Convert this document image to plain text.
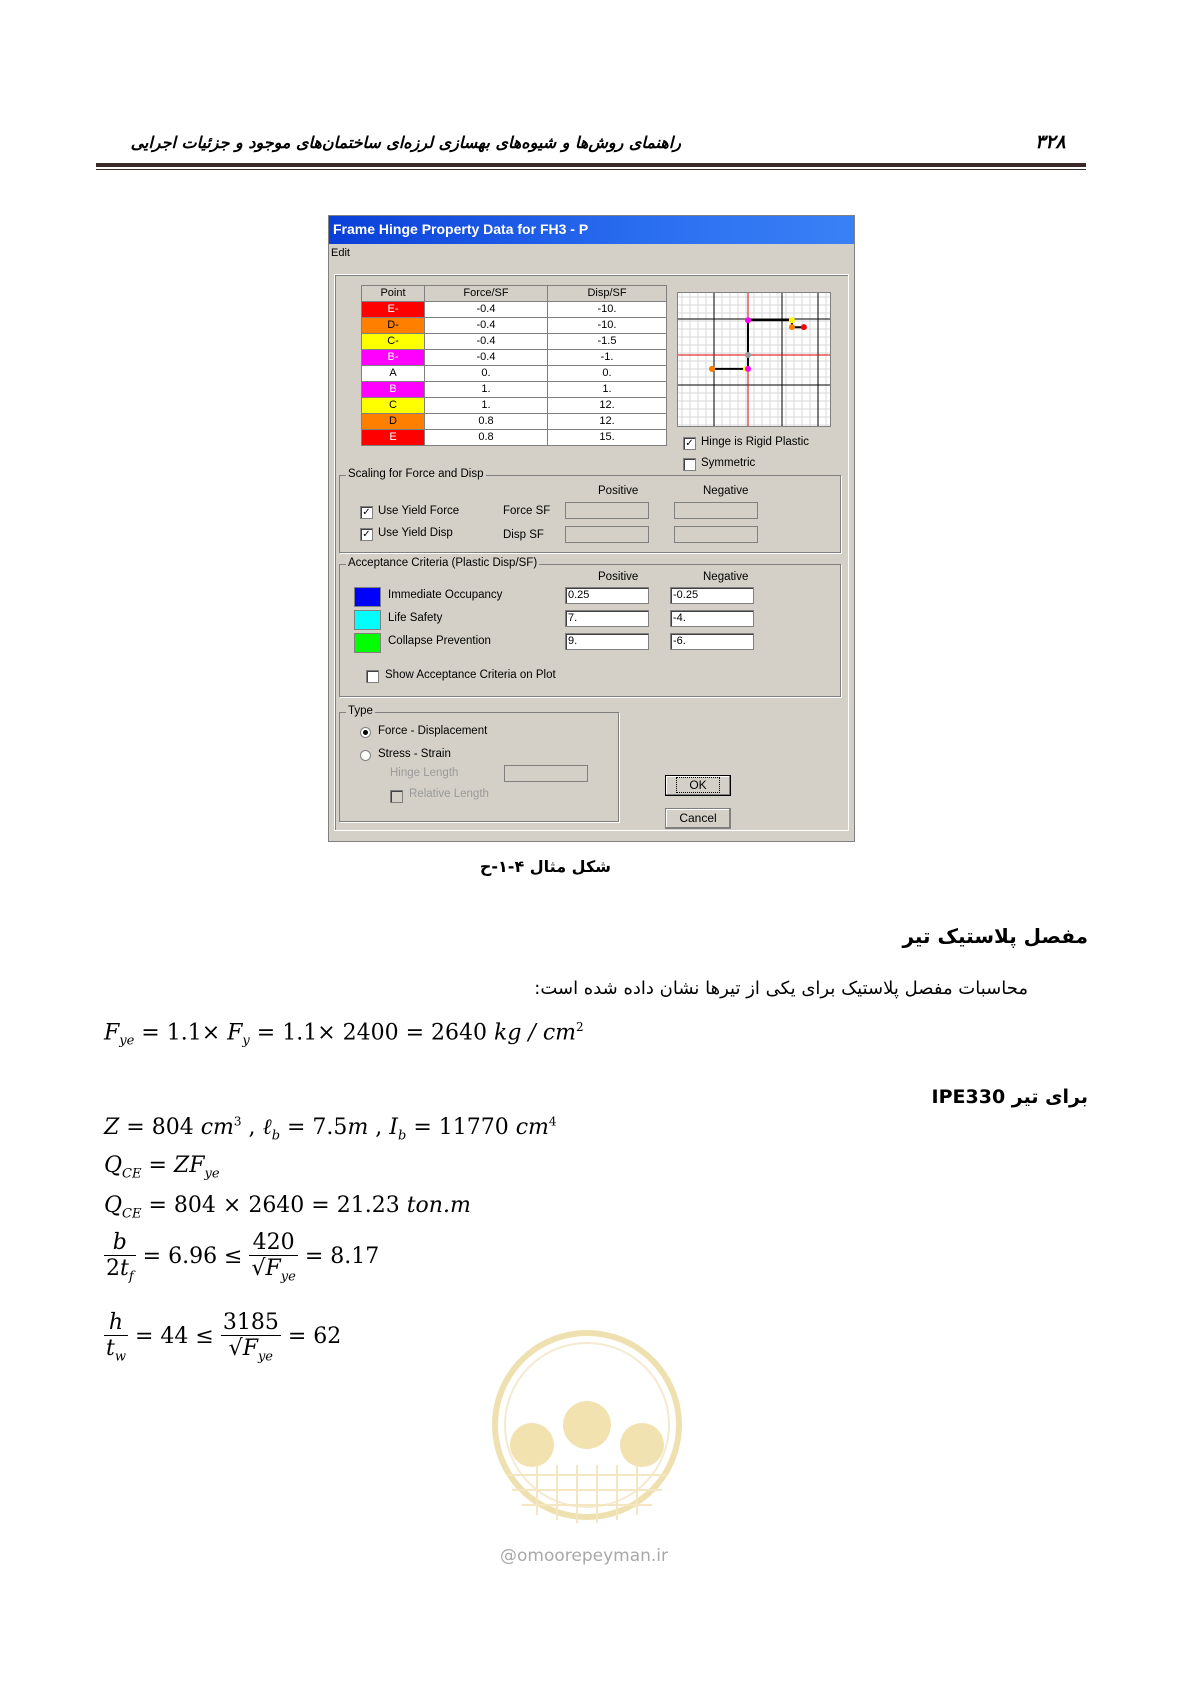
۳۲۸
راهنمای روش‌ها و شیوه‌های بهسازی لرزه‌ای ساختمان‌های موجود و جزئیات اجرایی
Frame Hinge Property Data for FH3 - P
Edit
Point	Force/SF	Disp/SF
E-	-0.4	-10.
D-	-0.4	-10.
C-	-0.4	-1.5
B-	-0.4	-1.
A	0.	0.
B	1.	1.
C	1.	12.
D	0.8	12.
E	0.8	15.
✓ Hinge is Rigid Plastic
Symmetric
Scaling for Force and Disp
Positive	Negative
✓ Use Yield Force	Force SF
✓ Use Yield Disp	Disp SF
Acceptance Criteria (Plastic Disp/SF)
Positive	Negative
Immediate Occupancy	0.25	-0.25
Life Safety	7.	-4.
Collapse Prevention	9.	-6.
Show Acceptance Criteria on Plot
Type
Force - Displacement
Stress - Strain
Hinge Length
Relative Length
OK
Cancel
شکل مثال ۴-۱-ح
مفصل پلاستیک تیر
محاسبات مفصل پلاستیک برای یکی از تیرها نشان داده شده است:
$F_{ye} = 1.1\times F_y = 1.1\times 2400 = 2640$ kg / $cm^2$
برای تیر IPE330
Z = 804 $cm^3$ , ℓ$_b$ = 7.5m , $I_b = 11770$ $cm^4$
$Q_{CE} = ZF_{ye}$
$Q_{CE} = 804 \times 2640 = 21.23$ ton.m
$\frac{b}{2t_f} = 6.96 \le \frac{420}{√F_{ye}} = 8.17$
$\frac{h}{t_w} = 44 \le \frac{3185}{√F_{ye}} = 62$
@omoorepeyman.ir
